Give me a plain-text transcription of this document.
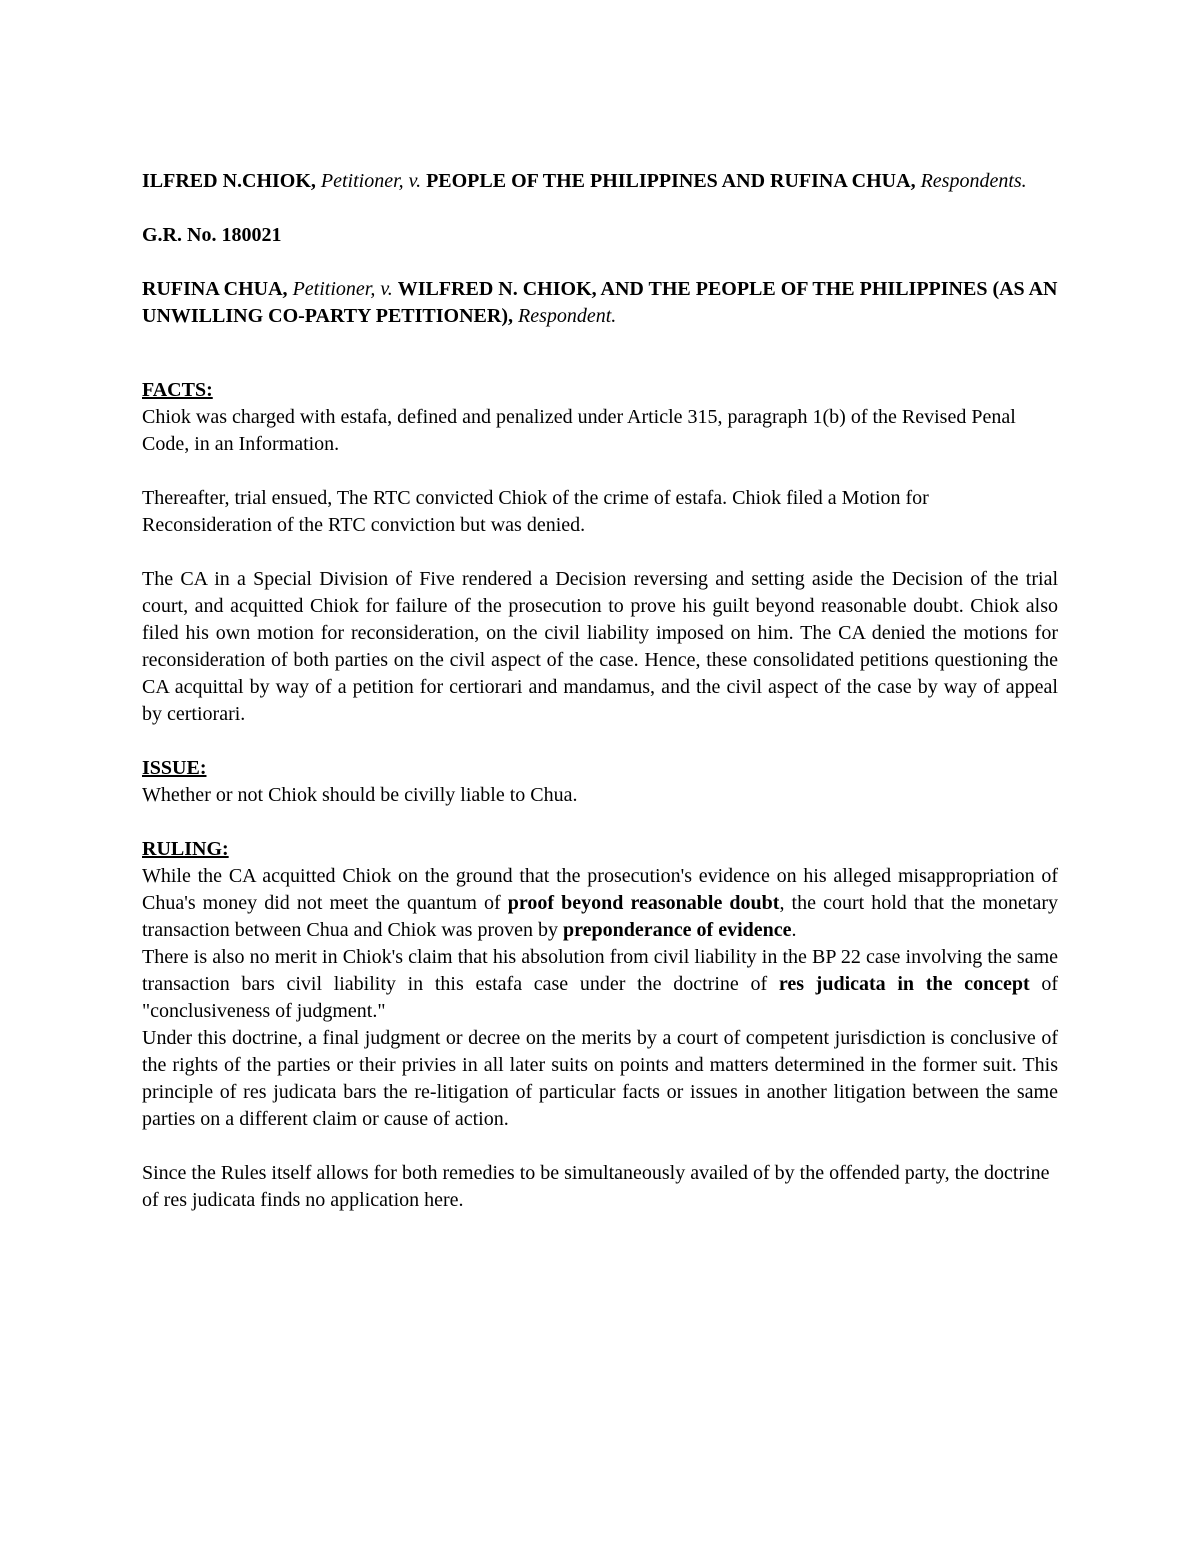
ILFRED N.CHIOK, Petitioner, v. PEOPLE OF THE PHILIPPINES AND RUFINA CHUA, Respondents.

G.R. No. 180021

RUFINA CHUA, Petitioner, v. WILFRED N. CHIOK, AND THE PEOPLE OF THE PHILIPPINES (AS AN UNWILLING CO-PARTY PETITIONER), Respondent.

FACTS:

Chiok was charged with estafa, defined and penalized under Article 315, paragraph 1(b) of the Revised Penal Code, in an Information.

Thereafter, trial ensued, The RTC convicted Chiok of the crime of estafa. Chiok filed a Motion for Reconsideration of the RTC conviction but was denied.

The CA in a Special Division of Five rendered a Decision reversing and setting aside the Decision of the trial court, and acquitted Chiok for failure of the prosecution to prove his guilt beyond reasonable doubt. Chiok also filed his own motion for reconsideration, on the civil liability imposed on him. The CA denied the motions for reconsideration of both parties on the civil aspect of the case. Hence, these consolidated petitions questioning the CA acquittal by way of a petition for certiorari and mandamus, and the civil aspect of the case by way of appeal by certiorari.

ISSUE:

Whether or not Chiok should be civilly liable to Chua.

RULING:

While the CA acquitted Chiok on the ground that the prosecution's evidence on his alleged misappropriation of Chua's money did not meet the quantum of proof beyond reasonable doubt, the court hold that the monetary transaction between Chua and Chiok was proven by preponderance of evidence.

There is also no merit in Chiok's claim that his absolution from civil liability in the BP 22 case involving the same transaction bars civil liability in this estafa case under the doctrine of res judicata in the concept of "conclusiveness of judgment."

Under this doctrine, a final judgment or decree on the merits by a court of competent jurisdiction is conclusive of the rights of the parties or their privies in all later suits on points and matters determined in the former suit. This principle of res judicata bars the re-litigation of particular facts or issues in another litigation between the same parties on a different claim or cause of action.

Since the Rules itself allows for both remedies to be simultaneously availed of by the offended party, the doctrine of res judicata finds no application here.
